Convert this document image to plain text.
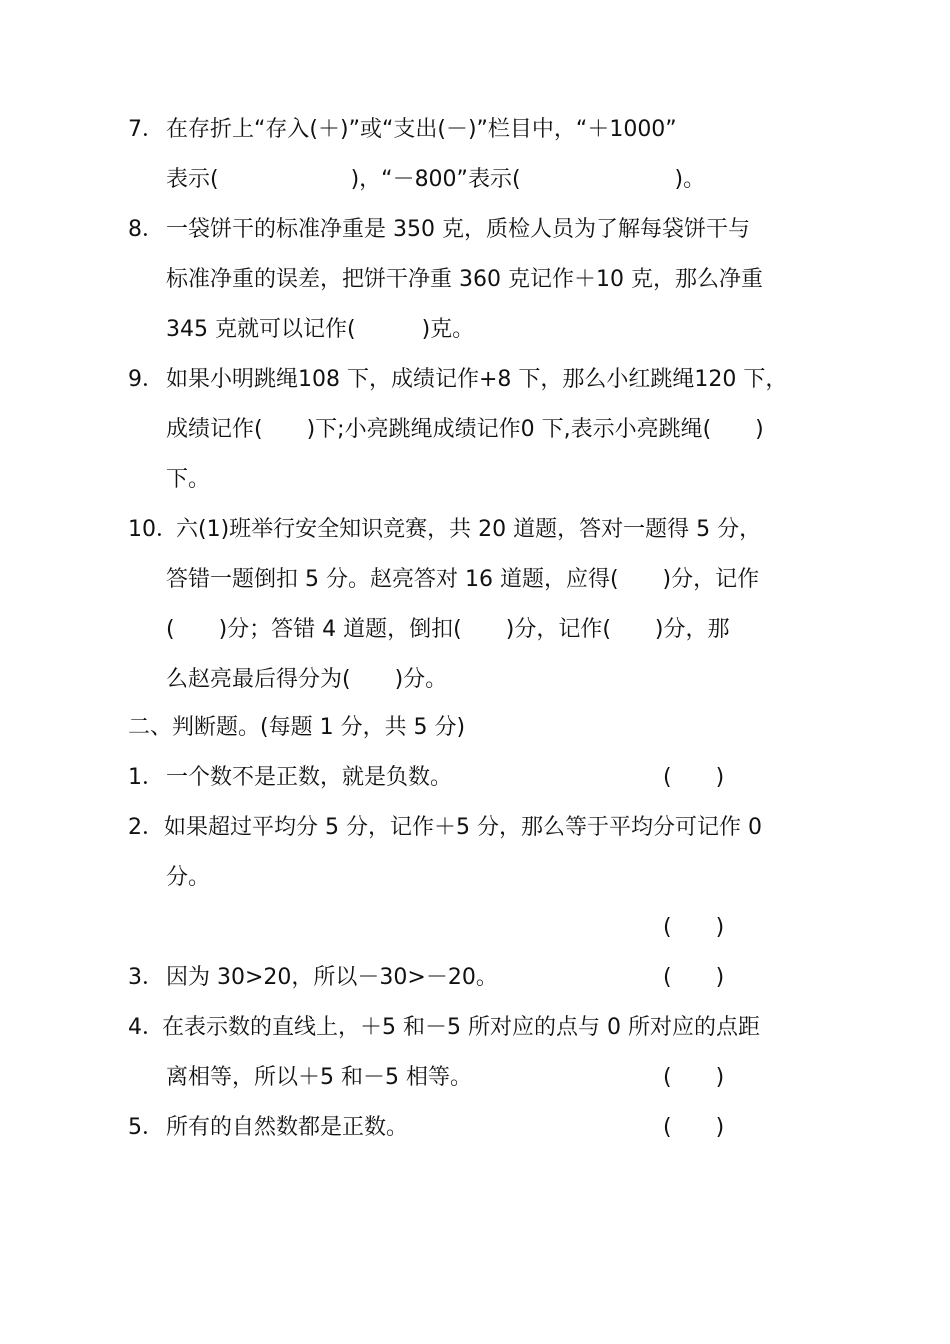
7． 在存折上“存入(＋)”或“支出(－)”栏目中，“＋1000”
表示(　　　　　　)，“－800”表示(　　　　　　　)。
8． 一袋饼干的标准净重是 350 克，质检人员为了解每袋饼干与
标准净重的误差，把饼干净重 360 克记作＋10 克，那么净重
345 克就可以记作(　　　)克。
9． 如果小明跳绳108 下，成绩记作+8 下，那么小红跳绳120 下，
成绩记作(　　)下;小亮跳绳成绩记作0 下,表示小亮跳绳(　　)
下。
10．
六(1)班举行安全知识竞赛，共 20 道题，答对一题得 5 分，
答错一题倒扣 5 分。赵亮答对 16 道题，应得(　　)分，记作
(　　)分；答错 4 道题，倒扣(　　)分，记作(　　)分，那
么赵亮最后得分为(　　)分。
二、判断题。(每题 1 分，共 5 分)
1． 一个数不是正数，就是负数。	(　　)
2． 如果超过平均分 5 分，记作＋5 分，那么等于平均分可记作 0
分。
(　　)
3． 因为 30>20，所以－30>－20。	(　　)
4．
在表示数的直线上，＋5 和－5 所对应的点与 0 所对应的点距
离相等，所以＋5 和－5 相等。	(　　)
5． 所有的自然数都是正数。	(　　)
